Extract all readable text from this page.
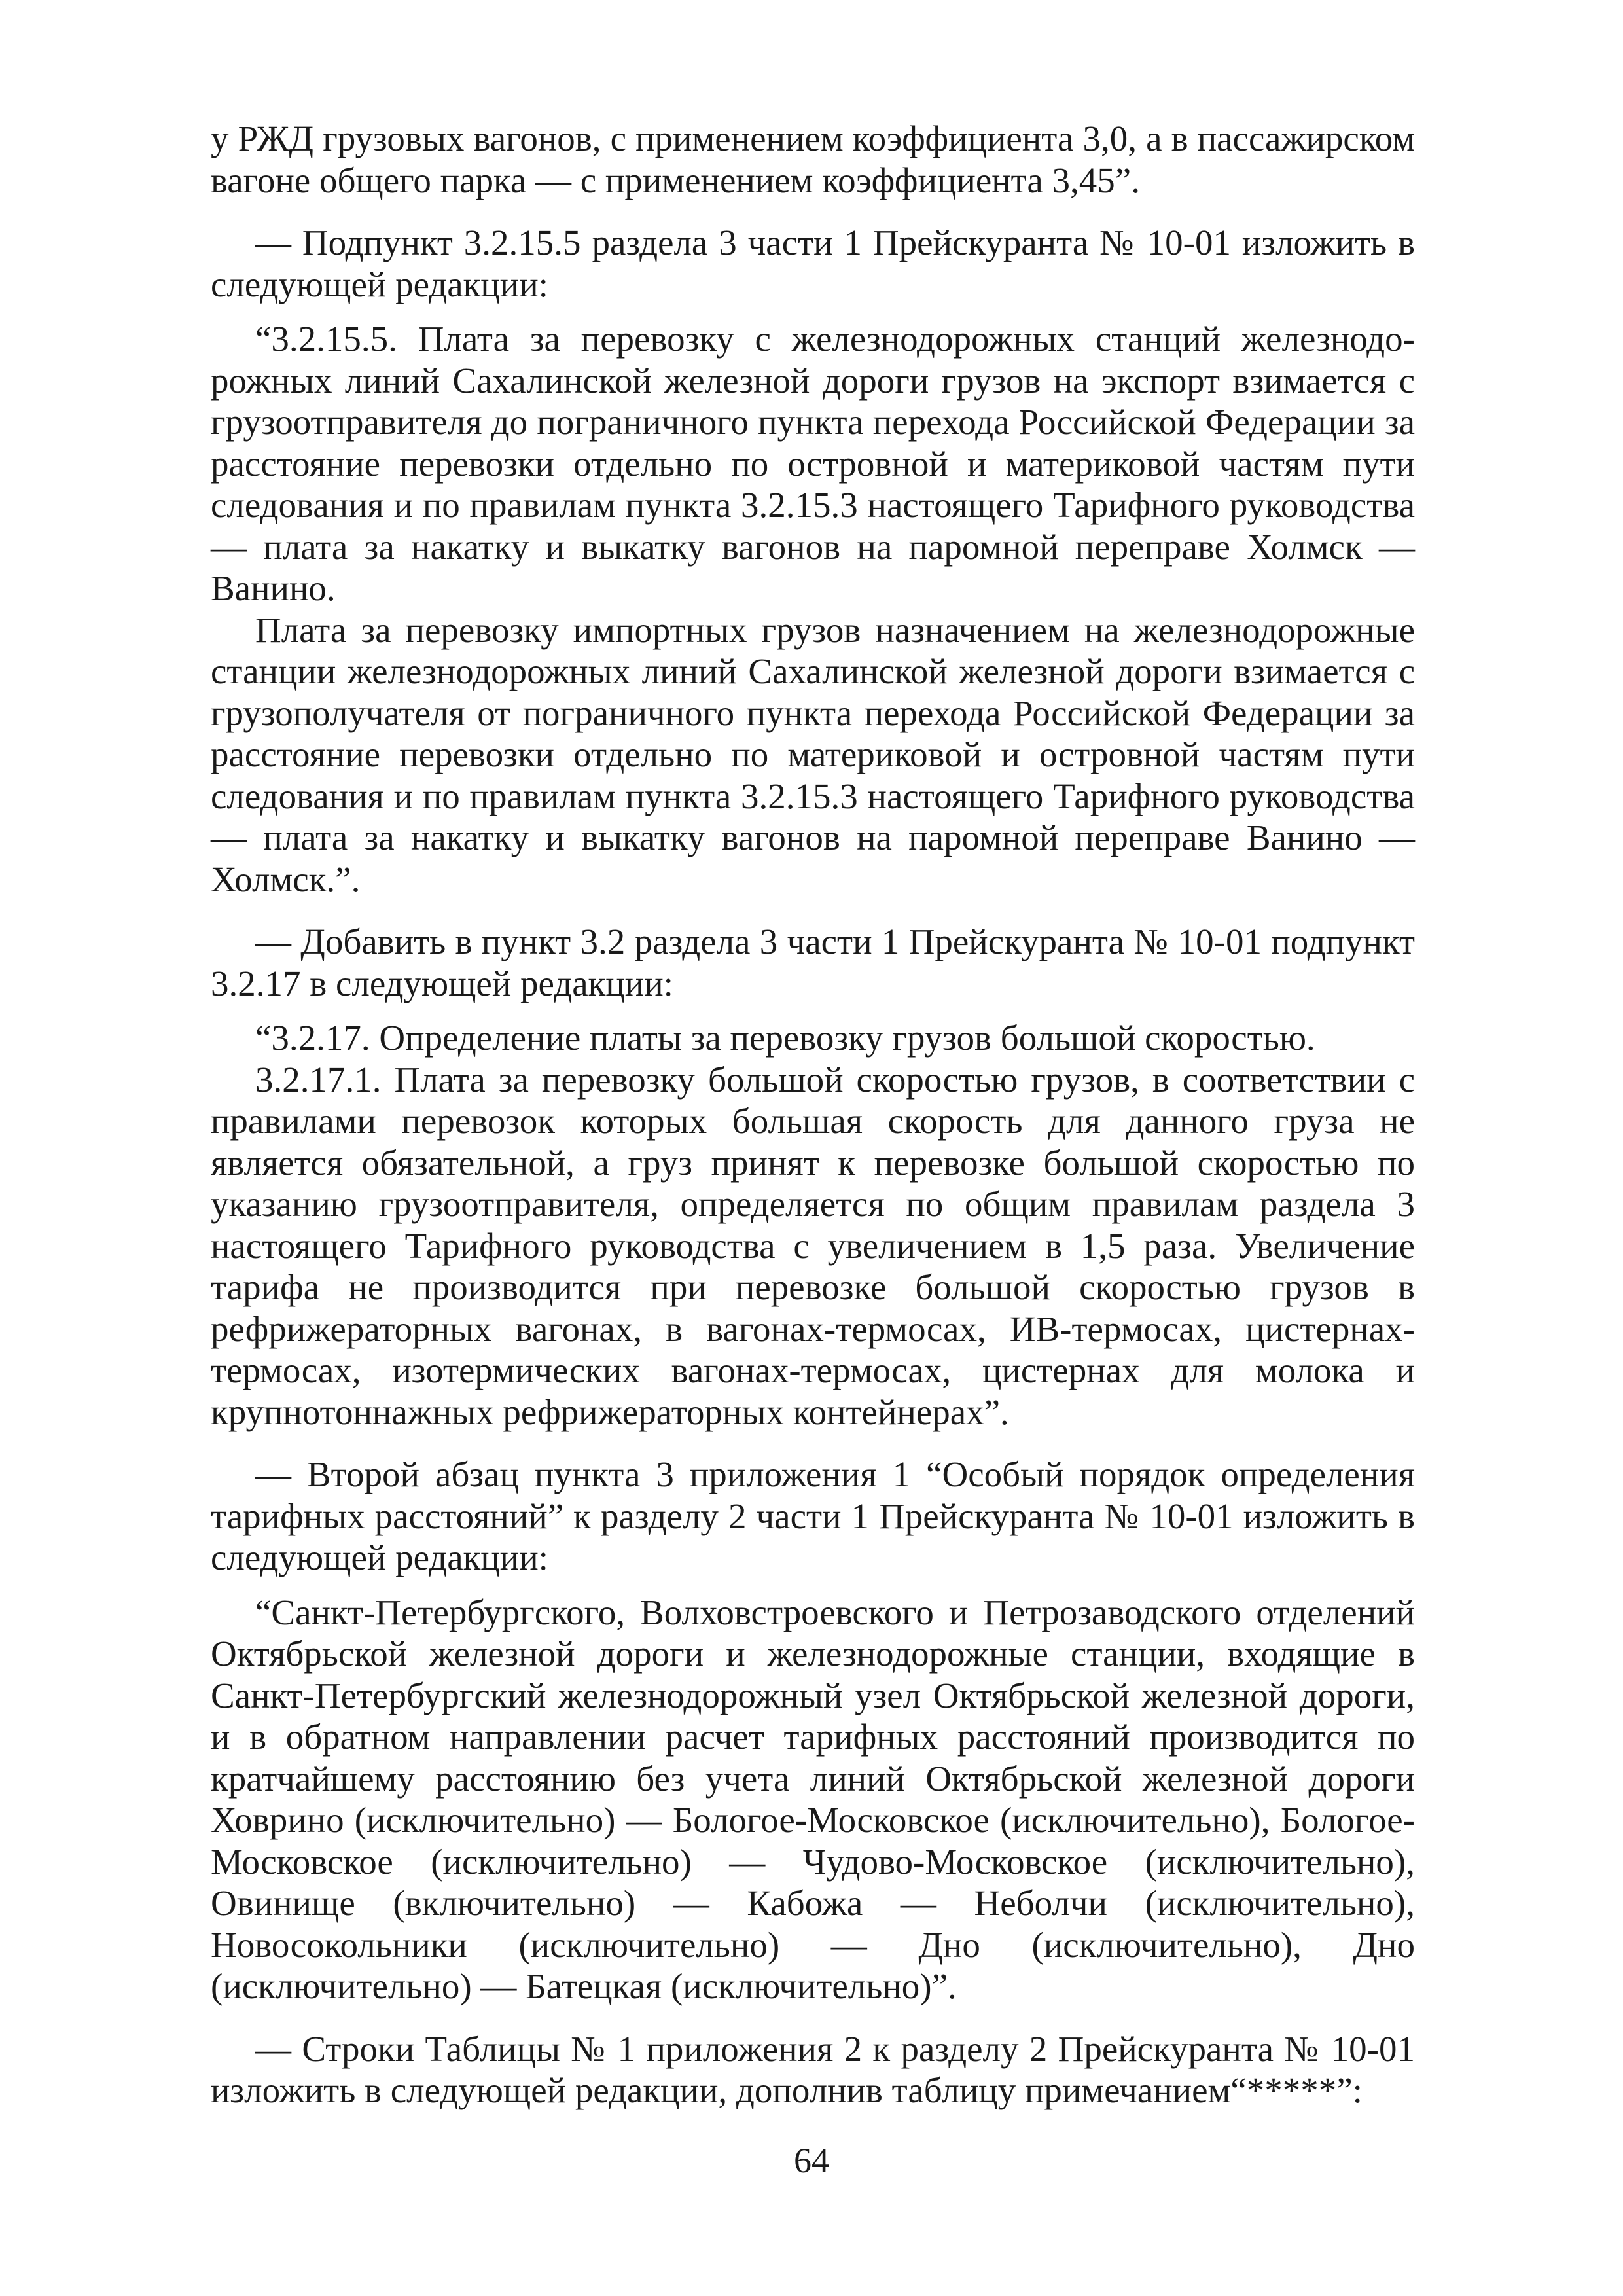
у РЖД грузовых вагонов, с применением коэффициента 3,0, а в пассажирском вагоне общего парка — с применением коэффициента 3,45”.

— Подпункт 3.2.15.5 раздела 3 части 1 Прейскуранта № 10-01 изложить в следующей редакции:

“3.2.15.5. Плата за перевозку с железнодорожных станций железнодорожных линий Сахалинской железной дороги грузов на экспорт взимается с грузоотправителя до пограничного пункта перехода Российской Федерации за расстояние перевозки отдельно по островной и материковой частям пути следования и по правилам пункта 3.2.15.3 настоящего Тарифного руководства — плата за накатку и выкатку вагонов на паромной переправе Холмск — Ванино.

Плата за перевозку импортных грузов назначением на железнодорожные станции железнодорожных линий Сахалинской железной дороги взимается с грузополучателя от пограничного пункта перехода Российской Федерации за расстояние перевозки отдельно по материковой и островной частям пути следования и по правилам пункта 3.2.15.3 настоящего Тарифного руководства — плата за накатку и выкатку вагонов на паромной переправе Ванино — Холмск.”.

— Добавить в пункт 3.2 раздела 3 части 1 Прейскуранта № 10-01 подпункт 3.2.17 в следующей редакции:

“3.2.17. Определение платы за перевозку грузов большой скоростью.

3.2.17.1. Плата за перевозку большой скоростью грузов, в соответствии с правилами перевозок которых большая скорость для данного груза не является обязательной, а груз принят к перевозке большой скоростью по указанию грузоотправителя, определяется по общим правилам раздела 3 настоящего Тарифного руководства с увеличением в 1,5 раза. Увеличение тарифа не производится при перевозке большой скоростью грузов в рефрижераторных вагонах, в вагонах-термосах, ИВ-термосах, цистернах-термосах, изотермических вагонах-термосах, цистернах для молока и крупнотоннажных рефрижераторных контейнерах”.

— Второй абзац пункта 3 приложения 1 “Особый порядок определения тарифных расстояний” к разделу 2 части 1 Прейскуранта № 10-01 изложить в следующей редакции:

“Санкт-Петербургского, Волховстроевского и Петрозаводского отделений Октябрьской железной дороги и железнодорожные станции, входящие в Санкт-Петербургский железнодорожный узел Октябрьской железной дороги, и в обратном направлении расчет тарифных расстояний производится по кратчайшему расстоянию без учета линий Октябрьской железной дороги Ховрино (исключительно) — Бологое-Московское (исключительно), Бологое-Московское (исключительно) — Чудово-Московское (исключительно), Овинище (включительно) — Кабожа — Неболчи (исключительно), Новосокольники (исключительно) — Дно (исключительно), Дно (исключительно) — Батецкая (исключительно)”.

— Строки Таблицы № 1 приложения 2 к разделу 2 Прейскуранта № 10-01 изложить в следующей редакции, дополнив таблицу примечанием“*****”:

64
